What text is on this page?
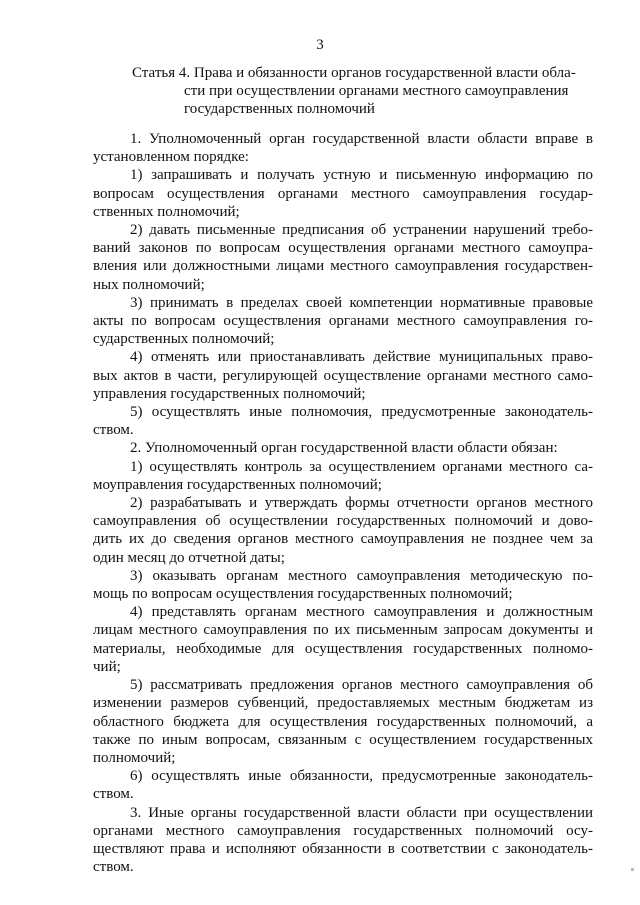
3
Статья 4. Права и обязанности органов государственной власти обла-
сти при осуществлении органами местного самоуправления
государственных полномочий
1. Уполномоченный орган государственной власти области вправе в
установленном порядке:
1) запрашивать и получать устную и письменную информацию по
вопросам осуществления органами местного самоуправления государ-
ственных полномочий;
2) давать письменные предписания об устранении нарушений требо-
ваний законов по вопросам осуществления органами местного самоупра-
вления или должностными лицами местного самоуправления государствен-
ных полномочий;
3) принимать в пределах своей компетенции нормативные правовые
акты по вопросам осуществления органами местного самоуправления го-
сударственных полномочий;
4) отменять или приостанавливать действие муниципальных право-
вых актов в части, регулирующей осуществление органами местного само-
управления государственных полномочий;
5) осуществлять иные полномочия, предусмотренные законодатель-
ством.
2. Уполномоченный орган государственной власти области обязан:
1) осуществлять контроль за осуществлением органами местного са-
моуправления государственных полномочий;
2) разрабатывать и утверждать формы отчетности органов местного
самоуправления об осуществлении государственных полномочий и дово-
дить их до сведения органов местного самоуправления не позднее чем за
один месяц до отчетной даты;
3) оказывать органам местного самоуправления методическую по-
мощь по вопросам осуществления государственных полномочий;
4) представлять органам местного самоуправления и должностным
лицам местного самоуправления по их письменным запросам документы и
материалы, необходимые для осуществления государственных полномо-
чий;
5) рассматривать предложения органов местного самоуправления об
изменении размеров субвенций, предоставляемых местным бюджетам из
областного бюджета для осуществления государственных полномочий, а
также по иным вопросам, связанным с осуществлением государственных
полномочий;
6) осуществлять иные обязанности, предусмотренные законодатель-
ством.
3. Иные органы государственной власти области при осуществлении
органами местного самоуправления государственных полномочий осу-
ществляют права и исполняют обязанности в соответствии с законодатель-
ством.
